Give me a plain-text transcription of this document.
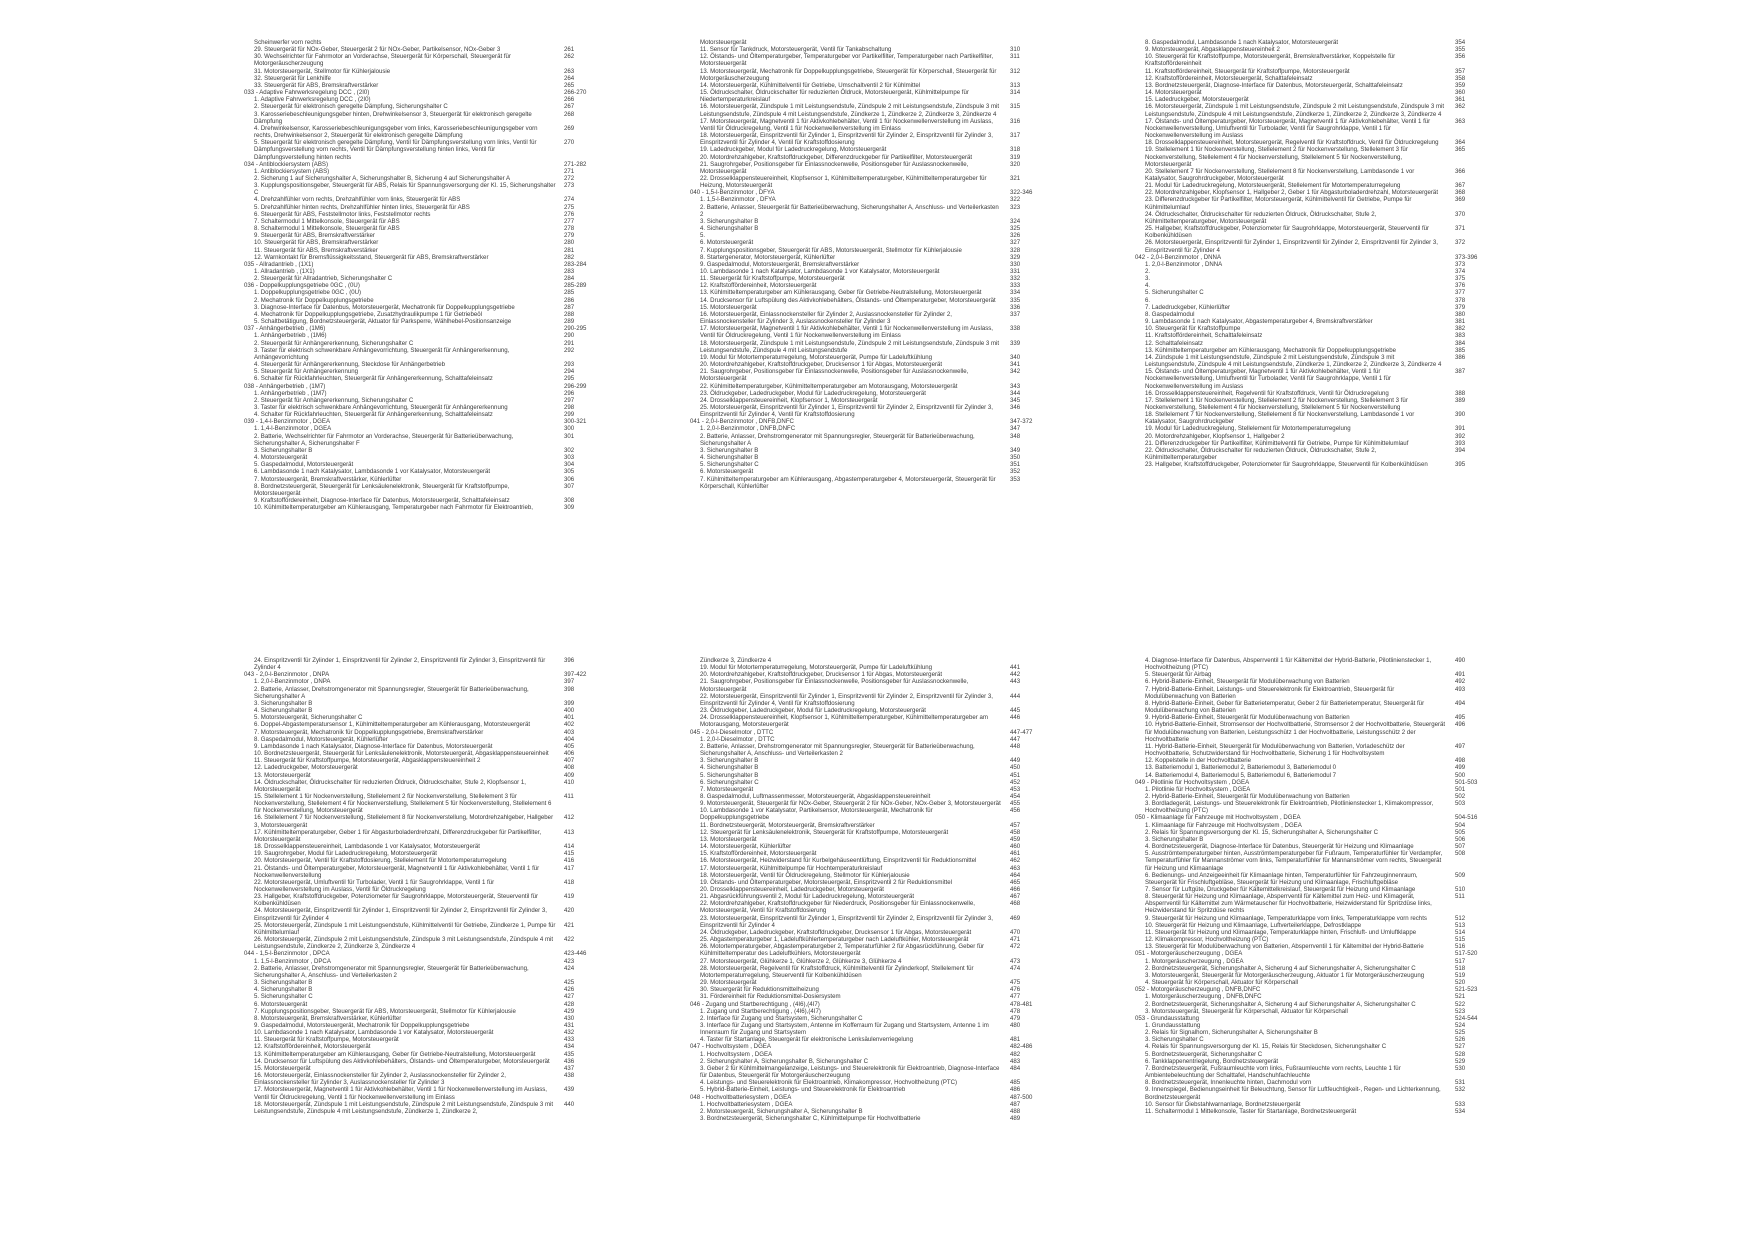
Scheinwerfer vorn rechts
29. Steuergerät für NOx-Geber, Steuergerät 2 für NOx-Geber, Partikelsensor, NOx-Geber 3	261
30. Wechselrichter für Fahrmotor an Vorderachse, Steuergerät für Körperschall, Steuergerät für Motorgeräuscherzeugung
262
31. Motorsteuergerät, Stellmotor für Kühlerjalousie	263
32. Steuergerät für Lenkhilfe	264
33. Steuergerät für ABS, Bremskraftverstärker	265
033 - Adaptive Fahrwerksregelung DCC , (2I0)	266-270
1. Adaptive Fahrwerksregelung DCC , (2I0)	266
2. Steuergerät für elektronisch geregelte Dämpfung, Sicherungshalter C	267
3. Karosseriebeschleunigungsgeber hinten, Drehwinkelsensor 3, Steuergerät für elektronisch geregelte Dämpfung
268
4. Drehwinkelsensor, Karosseriebeschleunigungsgeber vorn links, Karosseriebeschleunigungsgeber vorn rechts, Drehwinkelsensor 2, Steuergerät für elektronisch geregelte Dämpfung
269
5. Steuergerät für elektronisch geregelte Dämpfung, Ventil für Dämpfungsverstellung vorn links, Ventil für Dämpfungsverstellung vorn rechts, Ventil für Dämpfungsverstellung hinten links, Ventil für Dämpfungsverstellung hinten rechts
270
034 - Antiblockiersystem (ABS)	271-282
1. Antiblockiersystem (ABS)	271
2. Sicherung 1 auf Sicherungshalter A, Sicherungshalter B, Sicherung 4 auf Sicherungshalter A	272
3. Kupplungspositionsgeber, Steuergerät für ABS, Relais für Spannungsversorgung der Kl. 15, Sicherungshalter C
273
4. Drehzahlfühler vorn rechts, Drehzahlfühler vorn links, Steuergerät für ABS	274
5. Drehzahlfühler hinten rechts, Drehzahlfühler hinten links, Steuergerät für ABS	275
6. Steuergerät für ABS, Feststellmotor links, Feststellmotor rechts	276
7. Schaltermodul 1 Mittelkonsole, Steuergerät für ABS	277
8. Schaltermodul 1 Mittelkonsole, Steuergerät für ABS	278
9. Steuergerät für ABS, Bremskraftverstärker	279
10. Steuergerät für ABS, Bremskraftverstärker	280
11. Steuergerät für ABS, Bremskraftverstärker	281
12. Warnkontakt für Bremsflüssigkeitsstand, Steuergerät für ABS, Bremskraftverstärker	282
035 - Allradantrieb , (1X1)	283-284
1. Allradantrieb , (1X1)	283
2. Steuergerät für Allradantrieb, Sicherungshalter C	284
036 - Doppelkupplungsgetriebe 0GC , (0U)	285-289
1. Doppelkupplungsgetriebe 0GC , (0U)	285
2. Mechatronik für Doppelkupplungsgetriebe	286
3. Diagnose-Interface für Datenbus, Motorsteuergerät, Mechatronik für Doppelkupplungsgetriebe	287
4. Mechatronik für Doppelkupplungsgetriebe, Zusatzhydraulikpumpe 1 für Getriebeöl	288
5. Schaltbetätigung, Bordnetzsteuergerät, Aktuator für Parksperre, Wählhebel-Positionsanzeige	289
037 - Anhängerbetrieb , (1M6)	290-295
1. Anhängerbetrieb , (1M6)	290
2. Steuergerät für Anhängererkennung, Sicherungshalter C	291
3. Taster für elektrisch schwenkbare Anhängevorrichtung, Steuergerät für Anhängererkennung, Anhängevorrichtung
292
4. Steuergerät für Anhängererkennung, Steckdose für Anhängerbetrieb	293
5. Steuergerät für Anhängererkennung	294
6. Schalter für Rückfahrleuchten, Steuergerät für Anhängererkennung, Schalttafeleinsatz	295
038 - Anhängerbetrieb , (1M7)	296-299
1. Anhängerbetrieb , (1M7)	296
2. Steuergerät für Anhängererkennung, Sicherungshalter C	297
3. Taster für elektrisch schwenkbare Anhängevorrichtung, Steuergerät für Anhängererkennung	298
4. Schalter für Rückfahrleuchten, Steuergerät für Anhängererkennung, Schalttafeleinsatz	299
039 - 1,4-l-Benzinmotor , DGEA	300-321
1. 1,4-l-Benzinmotor , DGEA	300
2. Batterie, Wechselrichter für Fahrmotor an Vorderachse, Steuergerät für Batterieüberwachung, Sicherungshalter A, Sicherungshalter F
301
3. Sicherungshalter B	302
4. Motorsteuergerät	303
5. Gaspedalmodul, Motorsteuergerät	304
6. Lambdasonde 1 nach Katalysator, Lambdasonde 1 vor Katalysator, Motorsteuergerät	305
7. Motorsteuergerät, Bremskraftverstärker, Kühlerlüfter	306
8. Bordnetzsteuergerät, Steuergerät für Lenksäulenelektronik, Steuergerät für Kraftstoffpumpe, Motorsteuergerät
307
9. Kraftstoffördereinheit, Diagnose-Interface für Datenbus, Motorsteuergerät, Schalttafeleinsatz	308
10. Kühlmitteltemperaturgeber am Kühlerausgang, Temperaturgeber nach Fahrmotor für Elektroantrieb,	309
Motorsteuergerät
11. Sensor für Tankdruck, Motorsteuergerät, Ventil für Tankabschaltung	310
12. Ölstands- und Öltemperaturgeber, Temperaturgeber vor Partikelfilter, Temperaturgeber nach Partikelfilter, Motorsteuergerät
311
13. Motorsteuergerät, Mechatronik für Doppelkupplungsgetriebe, Steuergerät für Körperschall, Steuergerät für Motorgeräuscherzeugung
312
14. Motorsteuergerät, Kühlmittelventil für Getriebe, Umschaltventil 2 für Kühlmittel	313
15. Öldruckschalter, Öldruckschalter für reduzierten Öldruck, Motorsteuergerät, Kühlmittelpumpe für Niedertemperaturkreislauf
314
16. Motorsteuergerät, Zündspule 1 mit Leistungsendstufe, Zündspule 2 mit Leistungsendstufe, Zündspule 3 mit Leistungsendstufe, Zündspule 4 mit Leistungsendstufe, Zündkerze 1, Zündkerze 2, Zündkerze 3, Zündkerze 4
315
17. Motorsteuergerät, Magnetventil 1 für Aktivkohlebehälter, Ventil 1 für Nockenwellenverstellung im Auslass, Ventil für Öldruckregelung, Ventil 1 für Nockenwellenverstellung im Einlass
316
18. Motorsteuergerät, Einspritzventil für Zylinder 1, Einspritzventil für Zylinder 2, Einspritzventil für Zylinder 3, Einspritzventil für Zylinder 4, Ventil für Kraftstoffdosierung
317
19. Ladedruckgeber, Modul für Ladedruckregelung, Motorsteuergerät	318
20. Motordrehzahlgeber, Kraftstoffdruckgeber, Differenzdruckgeber für Partikelfilter, Motorsteuergerät	319
21. Saugrohrgeber, Positionsgeber für Einlassnockenwelle, Positionsgeber für Auslassnockenwelle, Motorsteuergerät
320
22. Drosselklappensteuereinheit, Klopfsensor 1, Kühlmitteltemperaturgeber, Kühlmitteltemperaturgeber für Heizung, Motorsteuergerät
321
040 - 1,5-l-Benzinmotor , DFYA	322-346
1. 1,5-l-Benzinmotor , DFYA	322
2. Batterie, Anlasser, Steuergerät für Batterieüberwachung, Sicherungshalter A, Anschluss- und Verteilerkasten 2
323
3. Sicherungshalter B	324
4. Sicherungshalter B	325
5.	326
6. Motorsteuergerät	327
7. Kupplungspositionsgeber, Steuergerät für ABS, Motorsteuergerät, Stellmotor für Kühlerjalousie	328
8. Startergenerator, Motorsteuergerät, Kühlerlüfter	329
9. Gaspedalmodul, Motorsteuergerät, Bremskraftverstärker	330
10. Lambdasonde 1 nach Katalysator, Lambdasonde 1 vor Katalysator, Motorsteuergerät	331
11. Steuergerät für Kraftstoffpumpe, Motorsteuergerät	332
12. Kraftstoffördereinheit, Motorsteuergerät	333
13. Kühlmitteltemperaturgeber am Kühlerausgang, Geber für Getriebe-Neutralstellung, Motorsteuergerät	334
14. Drucksensor für Luftspülung des Aktivkohlebehälters, Ölstands- und Öltemperaturgeber, Motorsteuergerät	335
15. Motorsteuergerät	336
16. Motorsteuergerät, Einlassnockensteller für Zylinder 2, Auslassnockensteller für Zylinder 2, Einlassnockensteller für Zylinder 3, Auslassnockensteller für Zylinder 3
337
17. Motorsteuergerät, Magnetventil 1 für Aktivkohlebehälter, Ventil 1 für Nockenwellenverstellung im Auslass, Ventil für Öldruckregelung, Ventil 1 für Nockenwellenverstellung im Einlass
338
18. Motorsteuergerät, Zündspule 1 mit Leistungsendstufe, Zündspule 2 mit Leistungsendstufe, Zündspule 3 mit Leistungsendstufe, Zündspule 4 mit Leistungsendstufe
339
19. Modul für Motortemperaturregelung, Motorsteuergerät, Pumpe für Ladeluftkühlung	340
20. Motordrehzahlgeber, Kraftstoffdruckgeber, Drucksensor 1 für Abgas, Motorsteuergerät	341
21. Saugrohrgeber, Positionsgeber für Einlassnockenwelle, Positionsgeber für Auslassnockenwelle, Motorsteuergerät
342
22. Kühlmitteltemperaturgeber, Kühlmitteltemperaturgeber am Motorausgang, Motorsteuergerät	343
23. Öldruckgeber, Ladedruckgeber, Modul für Ladedruckregelung, Motorsteuergerät	344
24. Drosselklappensteuereinheit, Klopfsensor 1, Motorsteuergerät	345
25. Motorsteuergerät, Einspritzventil für Zylinder 1, Einspritzventil für Zylinder 2, Einspritzventil für Zylinder 3, Einspritzventil für Zylinder 4, Ventil für Kraftstoffdosierung
346
041 - 2,0-l-Benzinmotor , DNFB,DNFC	347-372
1. 2,0-l-Benzinmotor , DNFB,DNFC	347
2. Batterie, Anlasser, Drehstromgenerator mit Spannungsregler, Steuergerät für Batterieüberwachung, Sicherungshalter A
348
3. Sicherungshalter B	349
4. Sicherungshalter B	350
5. Sicherungshalter C	351
6. Motorsteuergerät	352
7. Kühlmitteltemperaturgeber am Kühlerausgang, Abgastemperaturgeber 4, Motorsteuergerät, Steuergerät für Körperschall, Kühlerlüfter
353
8. Gaspedalmodul, Lambdasonde 1 nach Katalysator, Motorsteuergerät	354
9. Motorsteuergerät, Abgasklappensteuereinheit 2	355
10. Steuergerät für Kraftstoffpumpe, Motorsteuergerät, Bremskraftverstärker, Koppelstelle für Kraftstoffördereinheit
356
11. Kraftstoffördereinheit, Steuergerät für Kraftstoffpumpe, Motorsteuergerät	357
12. Kraftstoffördereinheit, Motorsteuergerät, Schalttafeleinsatz	358
13. Bordnetzsteuergerät, Diagnose-Interface für Datenbus, Motorsteuergerät, Schalttafeleinsatz	359
14. Motorsteuergerät	360
15. Ladedruckgeber, Motorsteuergerät	361
16. Motorsteuergerät, Zündspule 1 mit Leistungsendstufe, Zündspule 2 mit Leistungsendstufe, Zündspule 3 mit Leistungsendstufe, Zündspule 4 mit Leistungsendstufe, Zündkerze 1, Zündkerze 2, Zündkerze 3, Zündkerze 4
362
17. Ölstands- und Öltemperaturgeber, Motorsteuergerät, Magnetventil 1 für Aktivkohlebehälter, Ventil 1 für Nockenwellenverstellung, Umluftventil für Turbolader, Ventil für Saugrohrklappe, Ventil 1 für Nockenwellenverstellung im Auslass
363
18. Drosselklappensteuereinheit, Motorsteuergerät, Regelventil für Kraftstoffdruck, Ventil für Öldruckregelung	364
19. Stellelement 1 für Nockenverstellung, Stellelement 2 für Nockenverstellung, Stellelement 3 für Nockenverstellung, Stellelement 4 für Nockenverstellung, Stellelement 5 für Nockenverstellung, Motorsteuergerät
365
20. Stellelement 7 für Nockenverstellung, Stellelement 8 für Nockenverstellung, Lambdasonde 1 vor Katalysator, Saugrohrdruckgeber, Motorsteuergerät
366
21. Modul für Ladedruckregelung, Motorsteuergerät, Stellelement für Motortemperaturregelung	367
22. Motordrehzahlgeber, Klopfsensor 1, Hallgeber 2, Geber 1 für Abgasturboladerdrehzahl, Motorsteuergerät	368
23. Differenzdruckgeber für Partikelfilter, Motorsteuergerät, Kühlmittelventil für Getriebe, Pumpe für Kühlmittelumlauf
369
24. Öldruckschalter, Öldruckschalter für reduzierten Öldruck, Öldruckschalter, Stufe 2, Kühlmitteltemperaturgeber, Motorsteuergerät
370
25. Hallgeber, Kraftstoffdruckgeber, Potenziometer für Saugrohrklappe, Motorsteuergerät, Steuerventil für Kolbenkühldüsen
371
26. Motorsteuergerät, Einspritzventil für Zylinder 1, Einspritzventil für Zylinder 2, Einspritzventil für Zylinder 3, Einspritzventil für Zylinder 4
372
042 - 2,0-l-Benzinmotor , DNNA	373-396
1. 2,0-l-Benzinmotor , DNNA	373
2.	374
3.	375
4.	376
5. Sicherungshalter C	377
6.	378
7. Ladedruckgeber, Kühlerlüfter	379
8. Gaspedalmodul	380
9. Lambdasonde 1 nach Katalysator, Abgastemperaturgeber 4, Bremskraftverstärker	381
10. Steuergerät für Kraftstoffpumpe	382
11. Kraftstoffördereinheit, Schalttafeleinsatz	383
12. Schalttafeleinsatz	384
13. Kühlmitteltemperaturgeber am Kühlerausgang, Mechatronik für Doppelkupplungsgetriebe	385
14. Zündspule 1 mit Leistungsendstufe, Zündspule 2 mit Leistungsendstufe, Zündspule 3 mit Leistungsendstufe, Zündspule 4 mit Leistungsendstufe, Zündkerze 1, Zündkerze 2, Zündkerze 3, Zündkerze 4
386
15. Ölstands- und Öltemperaturgeber, Magnetventil 1 für Aktivkohlebehälter, Ventil 1 für Nockenwellenverstellung, Umluftventil für Turbolader, Ventil für Saugrohrklappe, Ventil 1 für Nockenwellenverstellung im Auslass
387
16. Drosselklappensteuereinheit, Regelventil für Kraftstoffdruck, Ventil für Öldruckregelung	388
17. Stellelement 1 für Nockenverstellung, Stellelement 2 für Nockenverstellung, Stellelement 3 für Nockenverstellung, Stellelement 4 für Nockenverstellung, Stellelement 5 für Nockenverstellung
389
18. Stellelement 7 für Nockenverstellung, Stellelement 8 für Nockenverstellung, Lambdasonde 1 vor Katalysator, Saugrohrdruckgeber
390
19. Modul für Ladedruckregelung, Stellelement für Motortemperaturregelung	391
20. Motordrehzahlgeber, Klopfsensor 1, Hallgeber 2	392
21. Differenzdruckgeber für Partikelfilter, Kühlmittelventil für Getriebe, Pumpe für Kühlmittelumlauf	393
22. Öldruckschalter, Öldruckschalter für reduzierten Öldruck, Öldruckschalter, Stufe 2, Kühlmitteltemperaturgeber
394
23. Hallgeber, Kraftstoffdruckgeber, Potenziometer für Saugrohrklappe, Steuerventil für Kolbenkühldüsen	395
24. Einspritzventil für Zylinder 1, Einspritzventil für Zylinder 2, Einspritzventil für Zylinder 3, Einspritzventil für Zylinder 4
396
043 - 2,0-l-Benzinmotor , DNPA	397-422
1. 2,0-l-Benzinmotor , DNPA	397
2. Batterie, Anlasser, Drehstromgenerator mit Spannungsregler, Steuergerät für Batterieüberwachung, Sicherungshalter A
398
3. Sicherungshalter B	399
4. Sicherungshalter B	400
5. Motorsteuergerät, Sicherungshalter C	401
6. Doppel-Abgastemperatursensor 1, Kühlmitteltemperaturgeber am Kühlerausgang, Motorsteuergerät	402
7. Motorsteuergerät, Mechatronik für Doppelkupplungsgetriebe, Bremskraftverstärker	403
8. Gaspedalmodul, Motorsteuergerät, Kühlerlüfter	404
9. Lambdasonde 1 nach Katalysator, Diagnose-Interface für Datenbus, Motorsteuergerät	405
10. Bordnetzsteuergerät, Steuergerät für Lenksäulenelektronik, Motorsteuergerät, Abgasklappensteuereinheit	406
11. Steuergerät für Kraftstoffpumpe, Motorsteuergerät, Abgasklappensteuereinheit 2	407
12. Ladedruckgeber, Motorsteuergerät	408
13. Motorsteuergerät	409
14. Öldruckschalter, Öldruckschalter für reduzierten Öldruck, Öldruckschalter, Stufe 2, Klopfsensor 1, Motorsteuergerät
410
15. Stellelement 1 für Nockenverstellung, Stellelement 2 für Nockenverstellung, Stellelement 3 für Nockenverstellung, Stellelement 4 für Nockenverstellung, Stellelement 5 für Nockenverstellung, Stellelement 6 für Nockenverstellung, Motorsteuergerät
411
16. Stellelement 7 für Nockenverstellung, Stellelement 8 für Nockenverstellung, Motordrehzahlgeber, Hallgeber 3, Motorsteuergerät
412
17. Kühlmitteltemperaturgeber, Geber 1 für Abgasturboladerdrehzahl, Differenzdruckgeber für Partikelfilter, Motorsteuergerät
413
18. Drosselklappensteuereinheit, Lambdasonde 1 vor Katalysator, Motorsteuergerät	414
19. Saugrohrgeber, Modul für Ladedruckregelung, Motorsteuergerät	415
20. Motorsteuergerät, Ventil für Kraftstoffdosierung, Stellelement für Motortemperaturregelung	416
21. Ölstands- und Öltemperaturgeber, Motorsteuergerät, Magnetventil 1 für Aktivkohlebehälter, Ventil 1 für Nockenwellenverstellung
417
22. Motorsteuergerät, Umluftventil für Turbolader, Ventil 1 für Saugrohrklappe, Ventil 1 für Nockenwellenverstellung im Auslass, Ventil für Öldruckregelung
418
23. Hallgeber, Kraftstoffdruckgeber, Potenziometer für Saugrohrklappe, Motorsteuergerät, Steuerventil für Kolbenkühldüsen
419
24. Motorsteuergerät, Einspritzventil für Zylinder 1, Einspritzventil für Zylinder 2, Einspritzventil für Zylinder 3, Einspritzventil für Zylinder 4
420
25. Motorsteuergerät, Zündspule 1 mit Leistungsendstufe, Kühlmittelventil für Getriebe, Zündkerze 1, Pumpe für Kühlmittelumlauf
421
26. Motorsteuergerät, Zündspule 2 mit Leistungsendstufe, Zündspule 3 mit Leistungsendstufe, Zündspule 4 mit Leistungsendstufe, Zündkerze 2, Zündkerze 3, Zündkerze 4
422
044 - 1,5-l-Benzinmotor , DPCA	423-446
1. 1,5-l-Benzinmotor , DPCA	423
2. Batterie, Anlasser, Drehstromgenerator mit Spannungsregler, Steuergerät für Batterieüberwachung, Sicherungshalter A, Anschluss- und Verteilerkasten 2
424
3. Sicherungshalter B	425
4. Sicherungshalter B	426
5. Sicherungshalter C	427
6. Motorsteuergerät	428
7. Kupplungspositionsgeber, Steuergerät für ABS, Motorsteuergerät, Stellmotor für Kühlerjalousie	429
8. Motorsteuergerät, Bremskraftverstärker, Kühlerlüfter	430
9. Gaspedalmodul, Motorsteuergerät, Mechatronik für Doppelkupplungsgetriebe	431
10. Lambdasonde 1 nach Katalysator, Lambdasonde 1 vor Katalysator, Motorsteuergerät	432
11. Steuergerät für Kraftstoffpumpe, Motorsteuergerät	433
12. Kraftstoffördereinheit, Motorsteuergerät	434
13. Kühlmitteltemperaturgeber am Kühlerausgang, Geber für Getriebe-Neutralstellung, Motorsteuergerät	435
14. Drucksensor für Luftspülung des Aktivkohlebehälters, Ölstands- und Öltemperaturgeber, Motorsteuergerät	436
15. Motorsteuergerät	437
16. Motorsteuergerät, Einlassnockensteller für Zylinder 2, Auslassnockensteller für Zylinder 2, Einlassnockensteller für Zylinder 3, Auslassnockensteller für Zylinder 3
438
17. Motorsteuergerät, Magnetventil 1 für Aktivkohlebehälter, Ventil 1 für Nockenwellenverstellung im Auslass, Ventil für Öldruckregelung, Ventil 1 für Nockenwellenverstellung im Einlass
439
18. Motorsteuergerät, Zündspule 1 mit Leistungsendstufe, Zündspule 2 mit Leistungsendstufe, Zündspule 3 mit Leistungsendstufe, Zündspule 4 mit Leistungsendstufe, Zündkerze 1, Zündkerze 2,
440
Zündkerze 3, Zündkerze 4
19. Modul für Motortemperaturregelung, Motorsteuergerät, Pumpe für Ladeluftkühlung	441
20. Motordrehzahlgeber, Kraftstoffdruckgeber, Drucksensor 1 für Abgas, Motorsteuergerät	442
21. Saugrohrgeber, Positionsgeber für Einlassnockenwelle, Positionsgeber für Auslassnockenwelle, Motorsteuergerät
443
22. Motorsteuergerät, Einspritzventil für Zylinder 1, Einspritzventil für Zylinder 2, Einspritzventil für Zylinder 3, Einspritzventil für Zylinder 4, Ventil für Kraftstoffdosierung
444
23. Öldruckgeber, Ladedruckgeber, Modul für Ladedruckregelung, Motorsteuergerät	445
24. Drosselklappensteuereinheit, Klopfsensor 1, Kühlmitteltemperaturgeber, Kühlmitteltemperaturgeber am Motorausgang, Motorsteuergerät
446
045 - 2,0-l-Dieselmotor , DTTC	447-477
1. 2,0-l-Dieselmotor , DTTC	447
2. Batterie, Anlasser, Drehstromgenerator mit Spannungsregler, Steuergerät für Batterieüberwachung, Sicherungshalter A, Anschluss- und Verteilerkasten 2
448
3. Sicherungshalter B	449
4. Sicherungshalter B	450
5. Sicherungshalter B	451
6. Sicherungshalter C	452
7. Motorsteuergerät	453
8. Gaspedalmodul, Luftmassenmesser, Motorsteuergerät, Abgasklappensteuereinheit	454
9. Motorsteuergerät, Steuergerät für NOx-Geber, Steuergerät 2 für NOx-Geber, NOx-Geber 3, Motorsteuergerät	455
10. Lambdasonde 1 vor Katalysator, Partikelsensor, Motorsteuergerät, Mechatronik für Doppelkupplungsgetriebe
456
11. Bordnetzsteuergerät, Motorsteuergerät, Bremskraftverstärker	457
12. Steuergerät für Lenksäulenelektronik, Steuergerät für Kraftstoffpumpe, Motorsteuergerät	458
13. Motorsteuergerät	459
14. Motorsteuergerät, Kühlerlüfter	460
15. Kraftstoffördereinheit, Motorsteuergerät	461
16. Motorsteuergerät, Heizwiderstand für Kurbelgehäuseentlüftung, Einspritzventil für Reduktionsmittel	462
17. Motorsteuergerät, Kühlmittelpumpe für Hochtemperaturkreislauf	463
18. Motorsteuergerät, Ventil für Öldruckregelung, Stellmotor für Kühlerjalousie	464
19. Ölstands- und Öltemperaturgeber, Motorsteuergerät, Einspritzventil 2 für Reduktionsmittel	465
20. Drosselklappensteuereinheit, Ladedruckgeber, Motorsteuergerät	466
21. Abgasrückführungsventil 2, Modul für Ladedruckregelung, Motorsteuergerät	467
22. Motordrehzahlgeber, Kraftstoffdruckgeber für Niederdruck, Positionsgeber für Einlassnockenwelle, Motorsteuergerät, Ventil für Kraftstoffdosierung
468
23. Motorsteuergerät, Einspritzventil für Zylinder 1, Einspritzventil für Zylinder 2, Einspritzventil für Zylinder 3, Einspritzventil für Zylinder 4
469
24. Öldruckgeber, Ladedruckgeber, Kraftstoffdruckgeber, Drucksensor 1 für Abgas, Motorsteuergerät	470
25. Abgastemperaturgeber 1, Ladeluftkühlertemperaturgeber nach Ladeluftkühler, Motorsteuergerät	471
26. Motortemperaturgeber, Abgastemperaturgeber 2, Temperaturfühler 2 für Abgasrückführung, Geber für Kühlmitteltemperatur des Ladeluftkühlers, Motorsteuergerät
472
27. Motorsteuergerät, Glühkerze 1, Glühkerze 2, Glühkerze 3, Glühkerze 4	473
28. Motorsteuergerät, Regelventil für Kraftstoffdruck, Kühlmittelventil für Zylinderkopf, Stellelement für Motortemperaturregelung, Steuerventil für Kolbenkühldüsen
474
29. Motorsteuergerät	475
30. Steuergerät für Reduktionsmittelheizung	476
31. Fördereinheit für Reduktionsmittel-Dosiersystem	477
046 - Zugang und Startberechtigung , (4I6),(4I7)	478-481
1. Zugang und Startberechtigung , (4I6),(4I7)	478
2. Interface für Zugang und Startsystem, Sicherungshalter C	479
3. Interface für Zugang und Startsystem, Antenne im Kofferraum für Zugang und Startsystem, Antenne 1 im Innenraum für Zugang und Startsystem
480
4. Taster für Startanlage, Steuergerät für elektronische Lenksäulenverriegelung	481
047 - Hochvoltsystem , DGEA	482-486
1. Hochvoltsystem , DGEA	482
2. Sicherungshalter A, Sicherungshalter B, Sicherungshalter C	483
3. Geber 2 für Kühlmittelmangelanzeige, Leistungs- und Steuerelektronik für Elektroantrieb, Diagnose-Interface für Datenbus, Steuergerät für Motorgeräuscherzeugung
484
4. Leistungs- und Steuerelektronik für Elektroantrieb, Klimakompressor, Hochvoltheizung (PTC)	485
5. Hybrid-Batterie-Einheit, Leistungs- und Steuerelektronik für Elektroantrieb	486
048 - Hochvoltbatteriesystem , DGEA	487-500
1. Hochvoltbatteriesystem , DGEA	487
2. Motorsteuergerät, Sicherungshalter A, Sicherungshalter B	488
3. Bordnetzsteuergerät, Sicherungshalter C, Kühlmittelpumpe für Hochvoltbatterie	489
4. Diagnose-Interface für Datenbus, Absperrventil 1 für Kältemittel der Hybrid-Batterie, Pilotlinienstecker 1, Hochvoltheizung (PTC)
490
5. Steuergerät für Airbag	491
6. Hybrid-Batterie-Einheit, Steuergerät für Modulüberwachung von Batterien	492
7. Hybrid-Batterie-Einheit, Leistungs- und Steuerelektronik für Elektroantrieb, Steuergerät für Modulüberwachung von Batterien
493
8. Hybrid-Batterie-Einheit, Geber für Batterietemperatur, Geber 2 für Batterietemperatur, Steuergerät für Modulüberwachung von Batterien
494
9. Hybrid-Batterie-Einheit, Steuergerät für Modulüberwachung von Batterien	495
10. Hybrid-Batterie-Einheit, Stromsensor der Hochvoltbatterie, Stromsensor 2 der Hochvoltbatterie, Steuergerät für Modulüberwachung von Batterien, Leistungsschütz 1 der Hochvoltbatterie, Leistungsschütz 2 der Hochvoltbatterie
496
11. Hybrid-Batterie-Einheit, Steuergerät für Modulüberwachung von Batterien, Vorladeschütz der Hochvoltbatterie, Schutzwiderstand für Hochvoltbatterie, Sicherung 1 für Hochvoltsystem
497
12. Koppelstelle in der Hochvoltbatterie	498
13. Batteriemodul 1, Batteriemodul 2, Batteriemodul 3, Batteriemodul 0	499
14. Batteriemodul 4, Batteriemodul 5, Batteriemodul 6, Batteriemodul 7	500
049 - Pilotlinie für Hochvoltsystem , DGEA	501-503
1. Pilotlinie für Hochvoltsystem , DGEA	501
2. Hybrid-Batterie-Einheit, Steuergerät für Modulüberwachung von Batterien	502
3. Bordladegerät, Leistungs- und Steuerelektronik für Elektroantrieb, Pilotlinienstecker 1, Klimakompressor, Hochvoltheizung (PTC)
503
050 - Klimaanlage für Fahrzeuge mit Hochvoltsystem , DGEA	504-516
1. Klimaanlage für Fahrzeuge mit Hochvoltsystem , DGEA	504
2. Relais für Spannungsversorgung der Kl. 15, Sicherungshalter A, Sicherungshalter C	505
3. Sicherungshalter B	506
4. Bordnetzsteuergerät, Diagnose-Interface für Datenbus, Steuergerät für Heizung und Klimaanlage	507
5. Ausströmtemperaturgeber hinten, Ausströmtemperaturgeber für Fußraum, Temperaturfühler für Verdampfer, Temperaturfühler für Mannanströmer vorn links, Temperaturfühler für Mannanströmer vorn rechts, Steuergerät für Heizung und Klimaanlage
508
6. Bedienungs- und Anzeigeeinheit für Klimaanlage hinten, Temperaturfühler für Fahrzeuginnenraum, Steuergerät für Frischluftgebläse, Steuergerät für Heizung und Klimaanlage, Frischluftgebläse
509
7. Sensor für Luftgüte, Druckgeber für Kältemittelkreislauf, Steuergerät für Heizung und Klimaanlage	510
8. Steuergerät für Heizung und Klimaanlage, Absperrventil für Kältemittel zum Heiz- und Klimagerät, Absperrventil für Kältemittel zum Wärmetauscher für Hochvoltbatterie, Heizwiderstand für Spritzdüse links, Heizwiderstand für Spritzdüse rechts
511
9. Steuergerät für Heizung und Klimaanlage, Temperaturklappe vorn links, Temperaturklappe vorn rechts	512
10. Steuergerät für Heizung und Klimaanlage, Luftverteilerklappe, Defrostklappe	513
11. Steuergerät für Heizung und Klimaanlage, Temperaturklappe hinten, Frischluft- und Umluftklappe	514
12. Klimakompressor, Hochvoltheizung (PTC)	515
13. Steuergerät für Modulüberwachung von Batterien, Absperrventil 1 für Kältemittel der Hybrid-Batterie	516
051 - Motorgeräuscherzeugung , DGEA	517-520
1. Motorgeräuscherzeugung , DGEA	517
2. Bordnetzsteuergerät, Sicherungshalter A, Sicherung 4 auf Sicherungshalter A, Sicherungshalter C	518
3. Motorsteuergerät, Steuergerät für Motorgeräuscherzeugung, Aktuator 1 für Motorgeräuscherzeugung	519
4. Steuergerät für Körperschall, Aktuator für Körperschall	520
052 - Motorgeräuscherzeugung , DNFB,DNFC	521-523
1. Motorgeräuscherzeugung , DNFB,DNFC	521
2. Bordnetzsteuergerät, Sicherungshalter A, Sicherung 4 auf Sicherungshalter A, Sicherungshalter C	522
3. Motorsteuergerät, Steuergerät für Körperschall, Aktuator für Körperschall	523
053 - Grundausstattung	524-544
1. Grundausstattung	524
2. Relais für Signalhorn, Sicherungshalter A, Sicherungshalter B	525
3. Sicherungshalter C	526
4. Relais für Spannungsversorgung der Kl. 15, Relais für Steckdosen, Sicherungshalter C	527
5. Bordnetzsteuergerät, Sicherungshalter C	528
6. Tankklappenentriegelung, Bordnetzsteuergerät	529
7. Bordnetzsteuergerät, Fußraumleuchte vorn links, Fußraumleuchte vorn rechts, Leuchte 1 für Ambientebeleuchtung der Schalttafel, Handschuhfachleuchte
530
8. Bordnetzsteuergerät, Innenleuchte hinten, Dachmodul vorn	531
9. Innenspiegel, Bedienungseinheit für Beleuchtung, Sensor für Luftfeuchtigkeit-, Regen- und Lichterkennung, Bordnetzsteuergerät
532
10. Sensor für Diebstahlwarnanlage, Bordnetzsteuergerät	533
11. Schaltermodul 1 Mittelkonsole, Taster für Startanlage, Bordnetzsteuergerät	534
